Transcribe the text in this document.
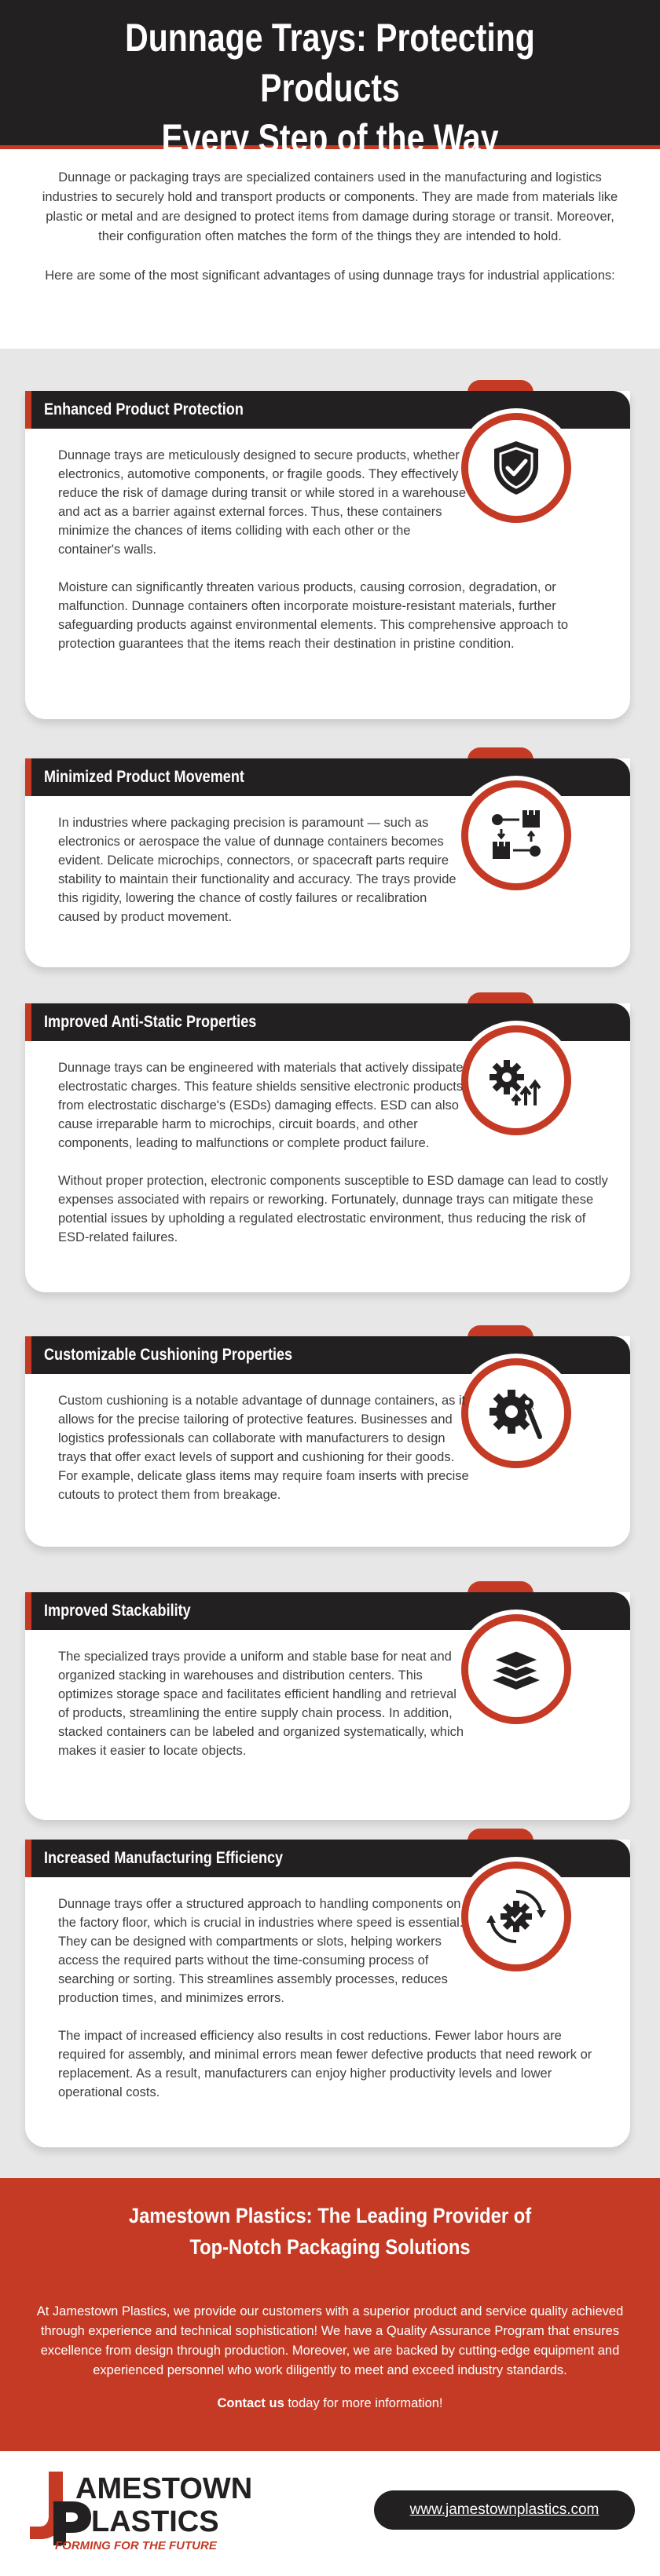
Dunnage Trays: Protecting Products
Every Step of the Way

Dunnage or packaging trays are specialized containers used in the manufacturing and logistics industries to securely hold and transport products or components. They are made from materials like plastic or metal and are designed to protect items from damage during storage or transit. Moreover, their configuration often matches the form of the things they are intended to hold.

Here are some of the most significant advantages of using dunnage trays for industrial applications:

Enhanced Product Protection

Dunnage trays are meticulously designed to secure products, whether electronics, automotive components, or fragile goods. They effectively reduce the risk of damage during transit or while stored in a warehouse and act as a barrier against external forces. Thus, these containers minimize the chances of items colliding with each other or the container's walls.

Moisture can significantly threaten various products, causing corrosion, degradation, or malfunction. Dunnage containers often incorporate moisture-resistant materials, further safeguarding products against environmental elements. This comprehensive approach to protection guarantees that the items reach their destination in pristine condition.

Minimized Product Movement

In industries where packaging precision is paramount — such as electronics or aerospace the value of dunnage containers becomes evident. Delicate microchips, connectors, or spacecraft parts require stability to maintain their functionality and accuracy. The trays provide this rigidity, lowering the chance of costly failures or recalibration caused by product movement.

Improved Anti-Static Properties

Dunnage trays can be engineered with materials that actively dissipate electrostatic charges. This feature shields sensitive electronic products from electrostatic discharge's (ESDs) damaging effects. ESD can also cause irreparable harm to microchips, circuit boards, and other components, leading to malfunctions or complete product failure.

Without proper protection, electronic components susceptible to ESD damage can lead to costly expenses associated with repairs or reworking. Fortunately, dunnage trays can mitigate these potential issues by upholding a regulated electrostatic environment, thus reducing the risk of ESD-related failures.

Customizable Cushioning Properties

Custom cushioning is a notable advantage of dunnage containers, as it allows for the precise tailoring of protective features. Businesses and logistics professionals can collaborate with manufacturers to design trays that offer exact levels of support and cushioning for their goods. For example, delicate glass items may require foam inserts with precise cutouts to protect them from breakage.

Improved Stackability

The specialized trays provide a uniform and stable base for neat and organized stacking in warehouses and distribution centers. This optimizes storage space and facilitates efficient handling and retrieval of products, streamlining the entire supply chain process. In addition, stacked containers can be labeled and organized systematically, which makes it easier to locate objects.

Increased Manufacturing Efficiency

Dunnage trays offer a structured approach to handling components on the factory floor, which is crucial in industries where speed is essential. They can be designed with compartments or slots, helping workers access the required parts without the time-consuming process of searching or sorting. This streamlines assembly processes, reduces production times, and minimizes errors.

The impact of increased efficiency also results in cost reductions. Fewer labor hours are required for assembly, and minimal errors mean fewer defective products that need rework or replacement. As a result, manufacturers can enjoy higher productivity levels and lower operational costs.

Jamestown Plastics: The Leading Provider of
Top-Notch Packaging Solutions

At Jamestown Plastics, we provide our customers with a superior product and service quality achieved through experience and technical sophistication! We have a Quality Assurance Program that ensures excellence from design through production. Moreover, we are backed by cutting-edge equipment and experienced personnel who work diligently to meet and exceed industry standards.

Contact us today for more information!

AMESTOWN
LASTICS
FORMING FOR THE FUTURE
www.jamestownplastics.com
